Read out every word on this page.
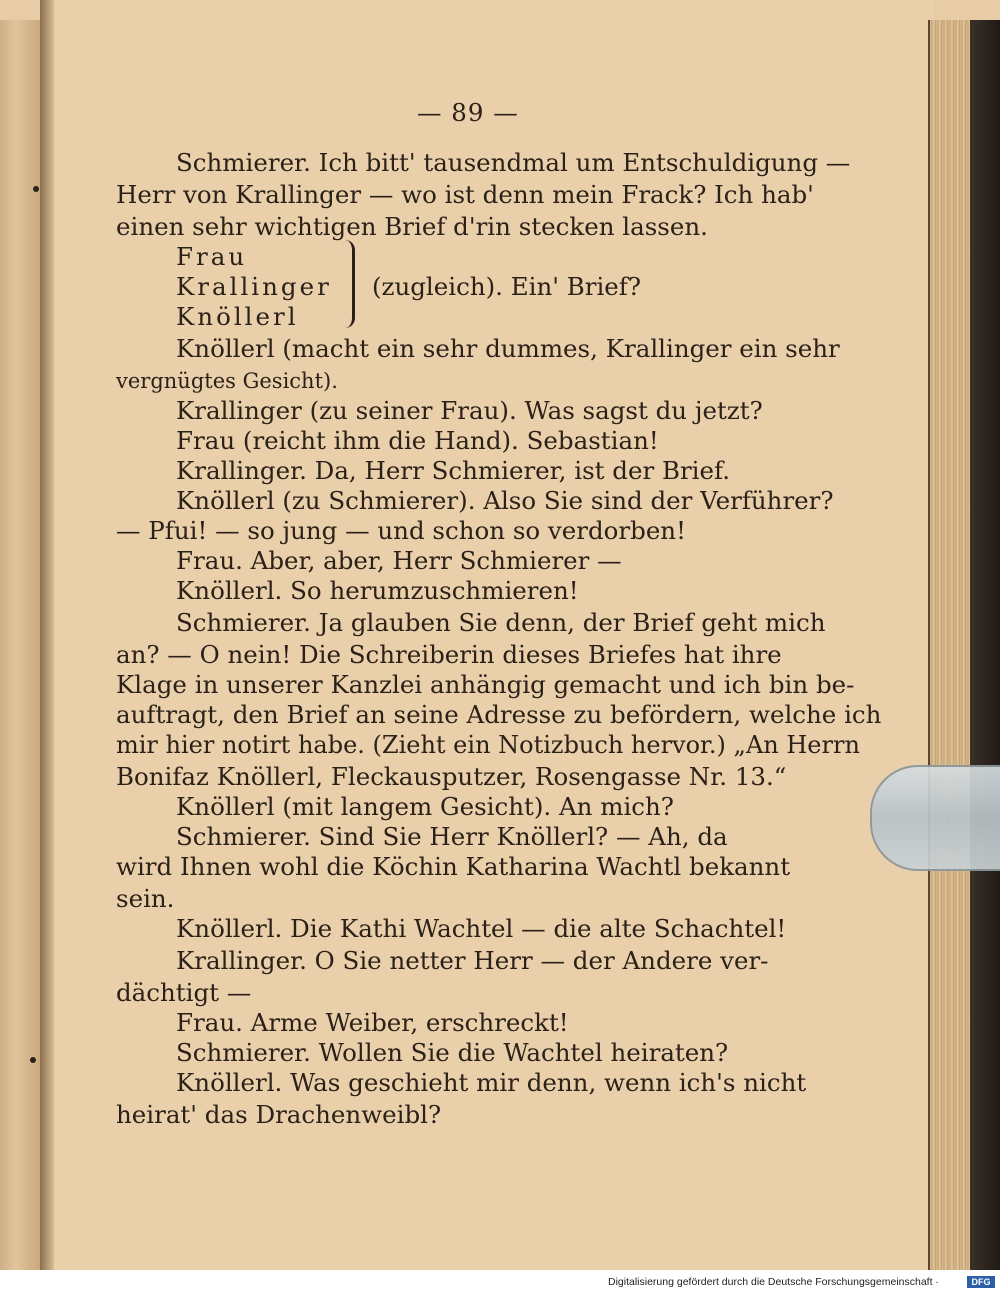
— 89 —
Schmierer. Ich bitt' tausendmal um Entschuldigung —
Herr von Krallinger — wo ist denn mein Frack? Ich hab'
einen sehr wichtigen Brief d'rin stecken lassen.
Frau
Krallinger (zugleich). Ein' Brief?
Knöllerl
Knöllerl (macht ein sehr dummes, Krallinger ein sehr
vergnügtes Gesicht).
Krallinger (zu seiner Frau). Was sagst du jetzt?
Frau (reicht ihm die Hand). Sebastian!
Krallinger. Da, Herr Schmierer, ist der Brief.
Knöllerl (zu Schmierer). Also Sie sind der Verführer?
— Pfui! — so jung — und schon so verdorben!
Frau. Aber, aber, Herr Schmierer —
Knöllerl. So herumzuschmieren!
Schmierer. Ja glauben Sie denn, der Brief geht mich
an? — O nein! Die Schreiberin dieses Briefes hat ihre
Klage in unserer Kanzlei anhängig gemacht und ich bin be-
auftragt, den Brief an seine Adresse zu befördern, welche ich
mir hier notirt habe. (Zieht ein Notizbuch hervor.) „An Herrn
Bonifaz Knöllerl, Fleckausputzer, Rosengasse Nr. 13.“
Knöllerl (mit langem Gesicht). An mich?
Schmierer. Sind Sie Herr Knöllerl? — Ah, da
wird Ihnen wohl die Köchin Katharina Wachtl bekannt
sein.
Knöllerl. Die Kathi Wachtel — die alte Schachtel!
Krallinger. O Sie netter Herr — der Andere ver-
dächtigt —
Frau. Arme Weiber, erschreckt!
Schmierer. Wollen Sie die Wachtel heiraten?
Knöllerl. Was geschieht mir denn, wenn ich's nicht
heirat' das Drachenweibl?
Digitalisierung gefördert durch die Deutsche Forschungsgemeinschaft ·	DFG
